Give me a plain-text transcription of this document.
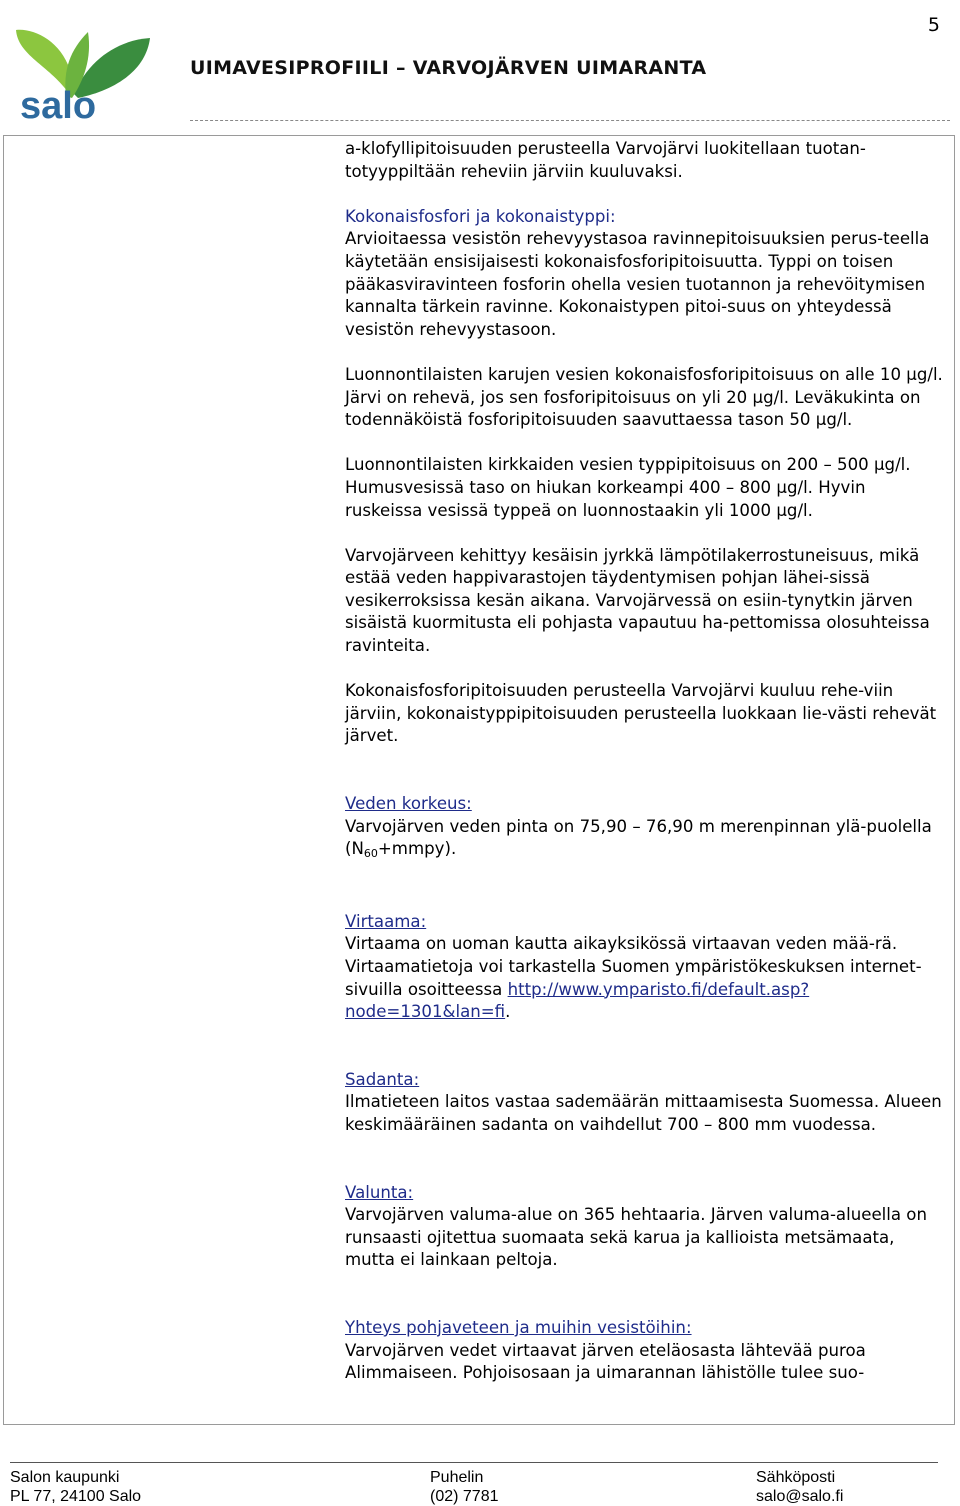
salo
5
UIMAVESIPROFIILI – VARVOJÄRVEN UIMARANTA

a-klofyllipitoisuuden perusteella Varvojärvi luokitellaan tuotan-totyyppiltään reheviin järviin kuuluvaksi.

Kokonaisfosfori ja kokonaistyppi:
Arvioitaessa vesistön rehevyystasoa ravinnepitoisuuksien perus-teella käytetään ensisijaisesti kokonaisfosforipitoisuutta. Typpi on toisen pääkasviravinteen fosforin ohella vesien tuotannon ja rehevöitymisen kannalta tärkein ravinne. Kokonaistypen pitoi-suus on yhteydessä vesistön rehevyystasoon.

Luonnontilaisten karujen vesien kokonaisfosforipitoisuus on alle 10 μg/l. Järvi on rehevä, jos sen fosforipitoisuus on yli 20 μg/l. Leväkukinta on todennäköistä fosforipitoisuuden saavuttaessa tason 50 μg/l.

Luonnontilaisten kirkkaiden vesien typpipitoisuus on 200 – 500 μg/l. Humusvesissä taso on hiukan korkeampi 400 – 800 μg/l. Hyvin ruskeissa vesissä typpeä on luonnostaakin yli 1000 μg/l.

Varvojärveen kehittyy kesäisin jyrkkä lämpötilakerrostuneisuus, mikä estää veden happivarastojen täydentymisen pohjan lähei-sissä vesikerroksissa kesän aikana. Varvojärvessä on esiin-tynytkin järven sisäistä kuormitusta eli pohjasta vapautuu ha-pettomissa olosuhteissa ravinteita.

Kokonaisfosforipitoisuuden perusteella Varvojärvi kuuluu rehe-viin järviin, kokonaistyppipitoisuuden perusteella luokkaan lie-västi rehevät järvet.

Veden korkeus:
Varvojärven veden pinta on 75,90 – 76,90 m merenpinnan ylä-puolella $(N_{60}+mmpy)$.

Virtaama:
Virtaama on uoman kautta aikayksikössä virtaavan veden mää-rä. Virtaamatietoja voi tarkastella Suomen ympäristökeskuksen internet-sivuilla osoitteessa http://www.ymparisto.fi/default.asp?node=1301&lan=fi.

Sadanta:
Ilmatieteen laitos vastaa sademäärän mittaamisesta Suomessa. Alueen keskimääräinen sadanta on vaihdellut 700 – 800 mm vuodessa.

Valunta:
Varvojärven valuma-alue on 365 hehtaaria. Järven valuma-alueella on runsaasti ojitettua suomaata sekä karua ja kallioista metsämaata, mutta ei lainkaan peltoja.

Yhteys pohjaveteen ja muihin vesistöihin:
Varvojärven vedet virtaavat järven eteläosasta lähtevää puroa Alimmaiseen. Pohjoisosaan ja uimarannan lähistölle tulee suo-

Salon kaupunki
PL 77, 24100 Salo
Puhelin
(02) 7781
Sähköposti
salo@salo.fi
